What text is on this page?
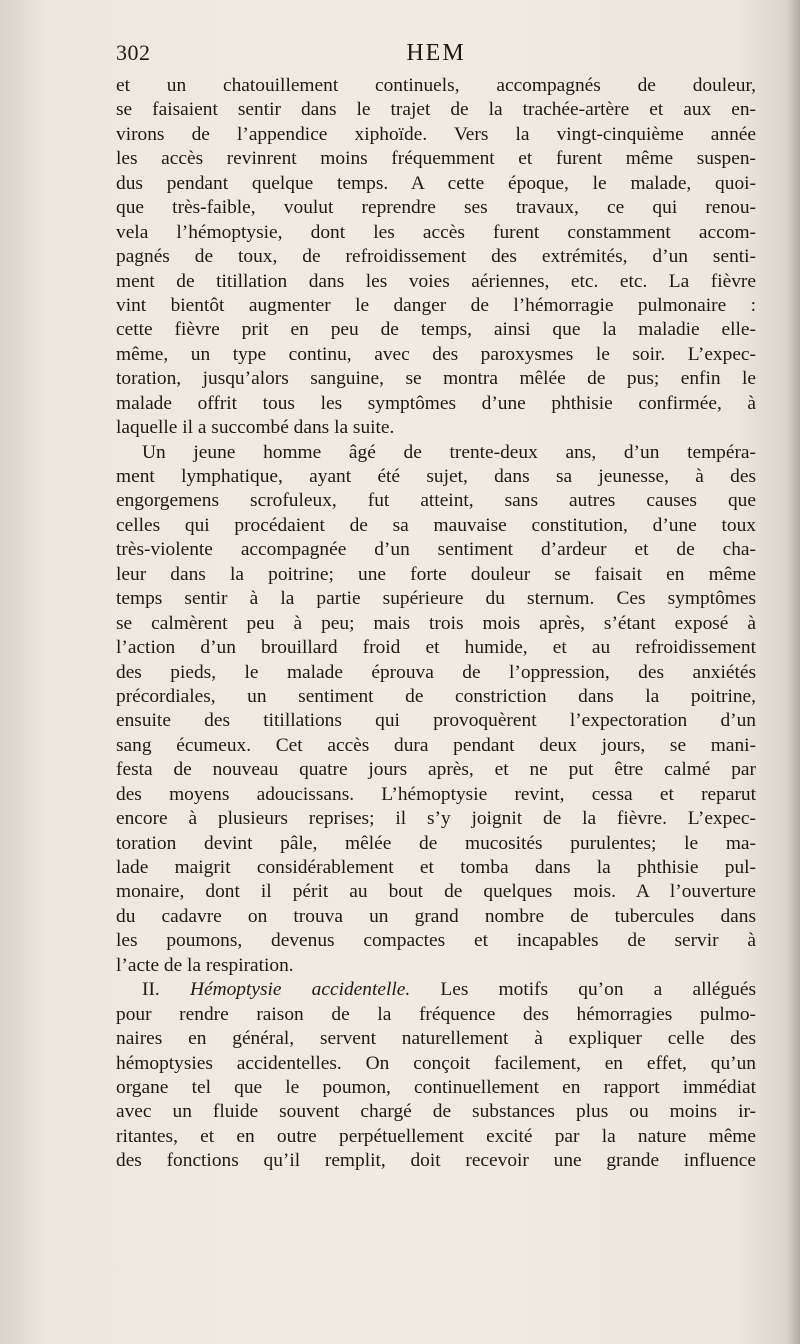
302	HEM
et un chatouillement continuels, accompagnés de douleur,
se faisaient sentir dans le trajet de la trachée-artère et aux en-
virons de l’appendice xiphoïde. Vers la vingt-cinquième année
les accès revinrent moins fréquemment et furent même suspen-
dus pendant quelque temps. A cette époque, le malade, quoi-
que très-faible, voulut reprendre ses travaux, ce qui renou-
vela l’hémoptysie, dont les accès furent constamment accom-
pagnés de toux, de refroidissement des extrémités, d’un senti-
ment de titillation dans les voies aériennes, etc. etc. La fièvre
vint bientôt augmenter le danger de l’hémorragie pulmonaire :
cette fièvre prit en peu de temps, ainsi que la maladie elle-
même, un type continu, avec des paroxysmes le soir. L’expec-
toration, jusqu’alors sanguine, se montra mêlée de pus; enfin le
malade offrit tous les symptômes d’une phthisie confirmée, à
laquelle il a succombé dans la suite.
Un jeune homme âgé de trente-deux ans, d’un tempéra-
ment lymphatique, ayant été sujet, dans sa jeunesse, à des
engorgemens scrofuleux, fut atteint, sans autres causes que
celles qui procédaient de sa mauvaise constitution, d’une toux
très-violente accompagnée d’un sentiment d’ardeur et de cha-
leur dans la poitrine; une forte douleur se faisait en même
temps sentir à la partie supérieure du sternum. Ces symptômes
se calmèrent peu à peu; mais trois mois après, s’étant exposé à
l’action d’un brouillard froid et humide, et au refroidissement
des pieds, le malade éprouva de l’oppression, des anxiétés
précordiales, un sentiment de constriction dans la poitrine,
ensuite des titillations qui provoquèrent l’expectoration d’un
sang écumeux. Cet accès dura pendant deux jours, se mani-
festa de nouveau quatre jours après, et ne put être calmé par
des moyens adoucissans. L’hémoptysie revint, cessa et reparut
encore à plusieurs reprises; il s’y joignit de la fièvre. L’expec-
toration devint pâle, mêlée de mucosités purulentes; le ma-
lade maigrit considérablement et tomba dans la phthisie pul-
monaire, dont il périt au bout de quelques mois. A l’ouverture
du cadavre on trouva un grand nombre de tubercules dans
les poumons, devenus compactes et incapables de servir à
l’acte de la respiration.
II. Hémoptysie accidentelle. Les motifs qu’on a allégués
pour rendre raison de la fréquence des hémorragies pulmo-
naires en général, servent naturellement à expliquer celle des
hémoptysies accidentelles. On conçoit facilement, en effet, qu’un
organe tel que le poumon, continuellement en rapport immédiat
avec un fluide souvent chargé de substances plus ou moins ir-
ritantes, et en outre perpétuellement excité par la nature même
des fonctions qu’il remplit, doit recevoir une grande influence
